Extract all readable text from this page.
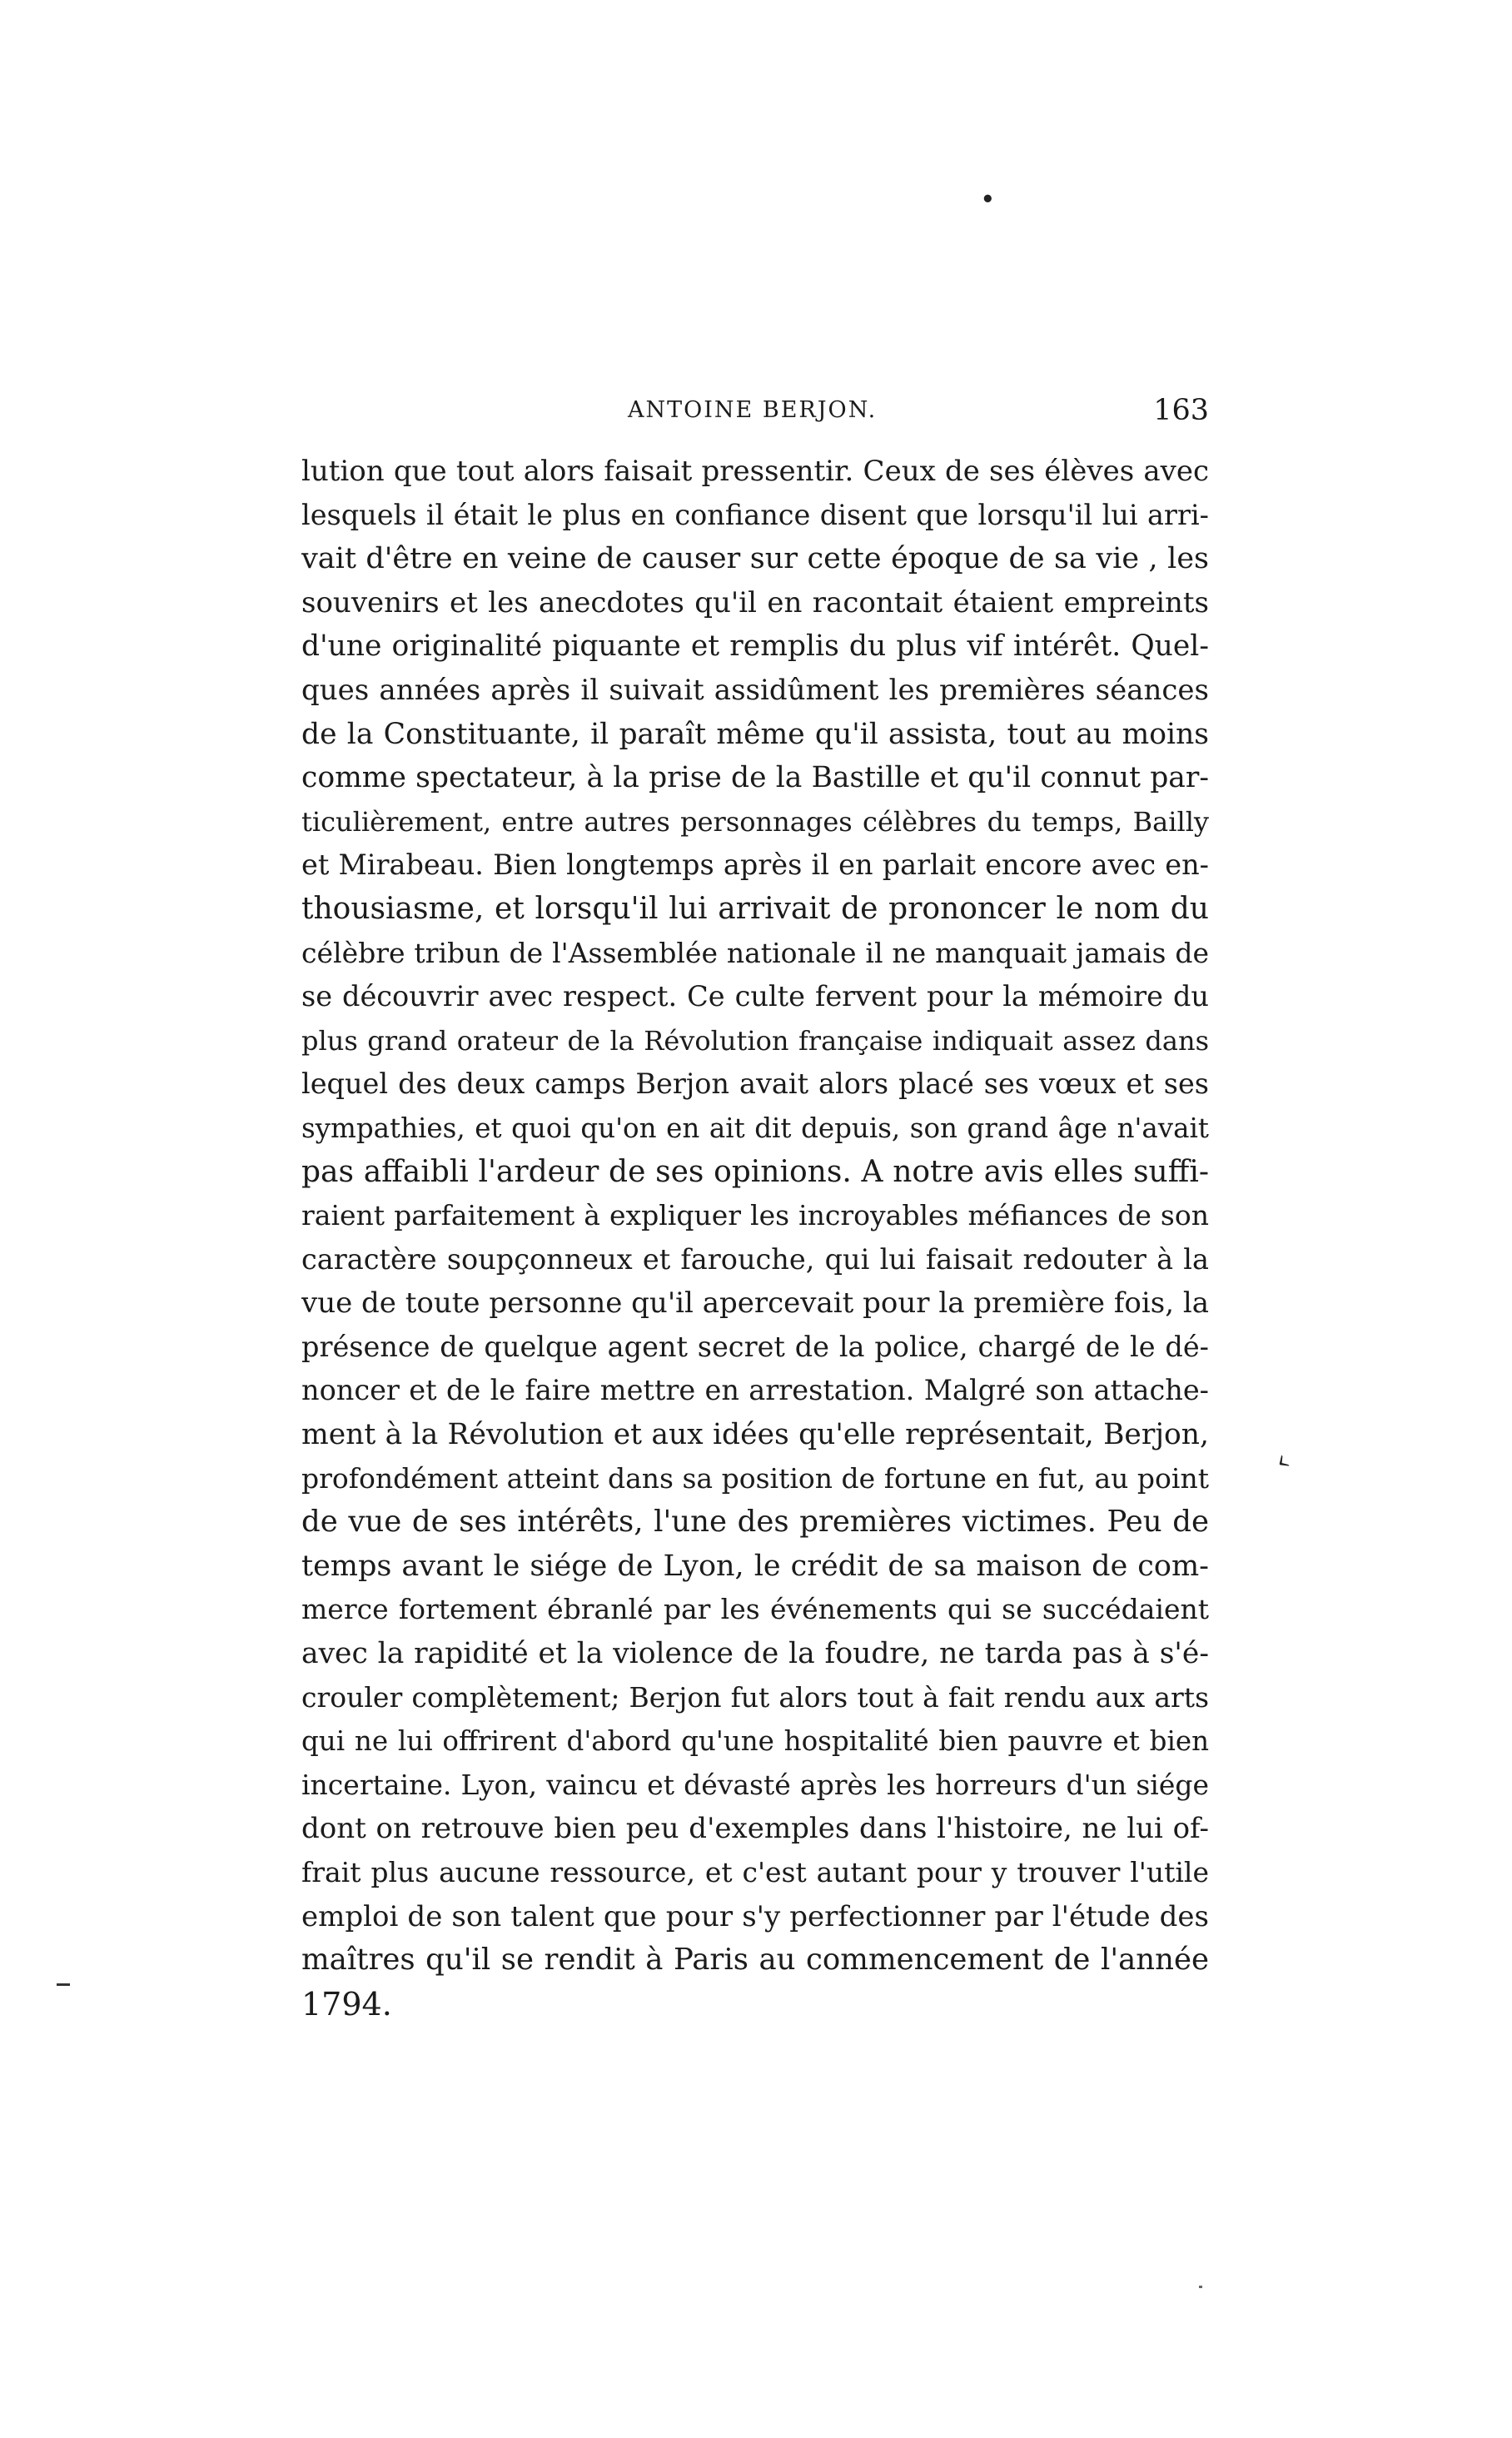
•
‹
ANTOINE BERJON.	163
lution que tout alors faisait pressentir. Ceux de ses élèves avec
lesquels il était le plus en confiance disent que lorsqu'il lui arri-
vait d'être en veine de causer sur cette époque de sa vie , les
souvenirs et les anecdotes qu'il en racontait étaient empreints
d'une originalité piquante et remplis du plus vif intérêt. Quel-
ques années après il suivait assidûment les premières séances
de la Constituante, il paraît même qu'il assista, tout au moins
comme spectateur, à la prise de la Bastille et qu'il connut par-
ticulièrement, entre autres personnages célèbres du temps, Bailly
et Mirabeau. Bien longtemps après il en parlait encore avec en-
thousiasme, et lorsqu'il lui arrivait de prononcer le nom du
célèbre tribun de l'Assemblée nationale il ne manquait jamais de
se découvrir avec respect. Ce culte fervent pour la mémoire du
plus grand orateur de la Révolution française indiquait assez dans
lequel des deux camps Berjon avait alors placé ses vœux et ses
sympathies, et quoi qu'on en ait dit depuis, son grand âge n'avait
pas affaibli l'ardeur de ses opinions. A notre avis elles suffi-
raient parfaitement à expliquer les incroyables méfiances de son
caractère soupçonneux et farouche, qui lui faisait redouter à la
vue de toute personne qu'il apercevait pour la première fois, la
présence de quelque agent secret de la police, chargé de le dé-
noncer et de le faire mettre en arrestation. Malgré son attache-
ment à la Révolution et aux idées qu'elle représentait, Berjon,
profondément atteint dans sa position de fortune en fut, au point
de vue de ses intérêts, l'une des premières victimes. Peu de
temps avant le siége de Lyon, le crédit de sa maison de com-
merce fortement ébranlé par les événements qui se succédaient
avec la rapidité et la violence de la foudre, ne tarda pas à s'é-
crouler complètement; Berjon fut alors tout à fait rendu aux arts
qui ne lui offrirent d'abord qu'une hospitalité bien pauvre et bien
incertaine. Lyon, vaincu et dévasté après les horreurs d'un siége
dont on retrouve bien peu d'exemples dans l'histoire, ne lui of-
frait plus aucune ressource, et c'est autant pour y trouver l'utile
emploi de son talent que pour s'y perfectionner par l'étude des
maîtres qu'il se rendit à Paris au commencement de l'année
1794.
